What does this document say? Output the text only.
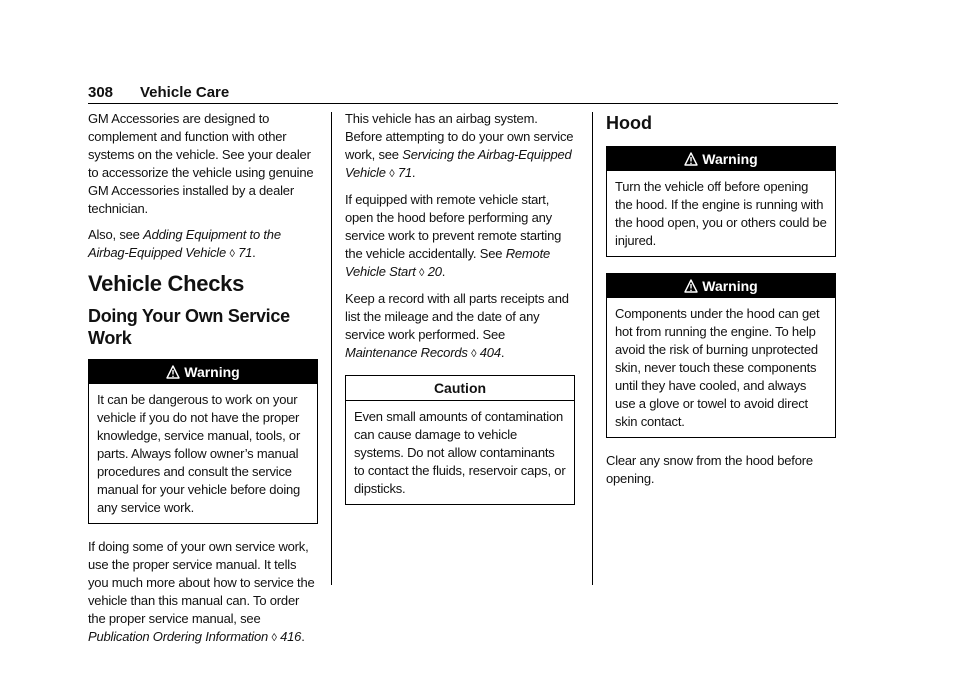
308 Vehicle Care

GM Accessories are designed to complement and function with other systems on the vehicle. See your dealer to accessorize the vehicle using genuine GM Accessories installed by a dealer technician.

Also, see Adding Equipment to the Airbag-Equipped Vehicle ◊ 71.

Vehicle Checks
Doing Your Own Service Work
Warning

It can be dangerous to work on your vehicle if you do not have the proper knowledge, service manual, tools, or parts. Always follow owner’s manual procedures and consult the service manual for your vehicle before doing any service work.

If doing some of your own service work, use the proper service manual. It tells you much more about how to service the vehicle than this manual can. To order the proper service manual, see Publication Ordering Information ◊ 416.

This vehicle has an airbag system. Before attempting to do your own service work, see Servicing the Airbag-Equipped Vehicle ◊ 71.

If equipped with remote vehicle start, open the hood before performing any service work to prevent remote starting the vehicle accidentally. See Remote Vehicle Start ◊ 20.

Keep a record with all parts receipts and list the mileage and the date of any service work performed. See Maintenance Records ◊ 404.

Caution

Even small amounts of contamination can cause damage to vehicle systems. Do not allow contaminants to contact the fluids, reservoir caps, or dipsticks.

Hood
Warning

Turn the vehicle off before opening the hood. If the engine is running with the hood open, you or others could be injured.

Warning

Components under the hood can get hot from running the engine. To help avoid the risk of burning unprotected skin, never touch these components until they have cooled, and always use a glove or towel to avoid direct skin contact.

Clear any snow from the hood before opening.
